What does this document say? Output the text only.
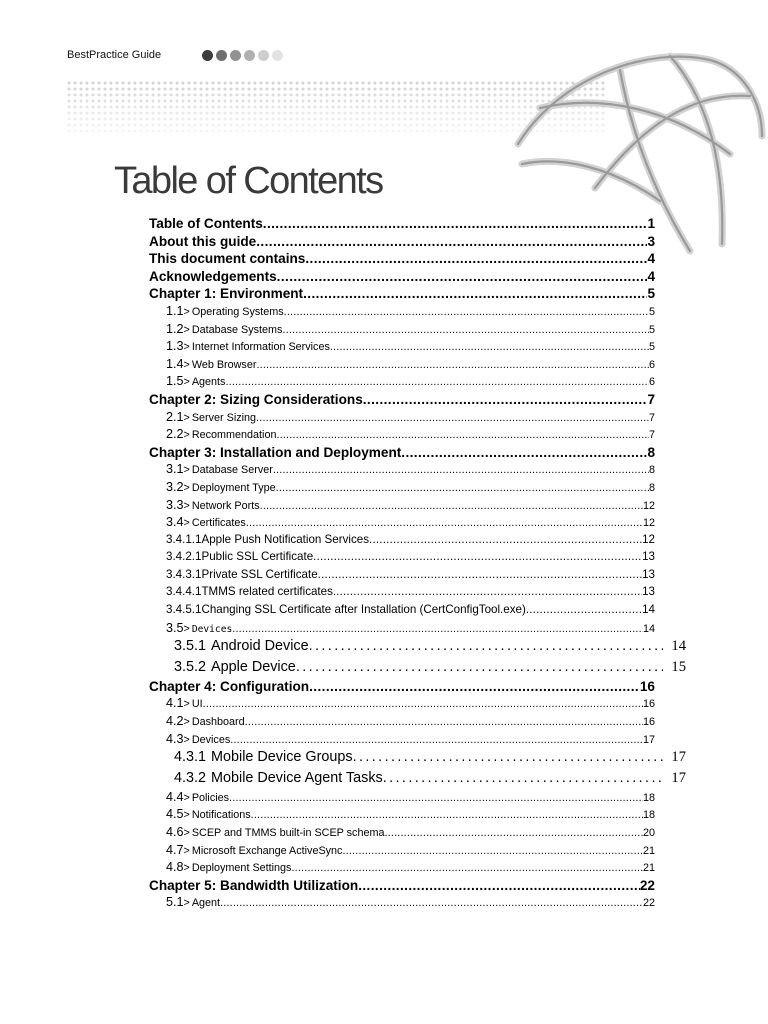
BestPractice Guide
Table of Contents
Table of Contents .....	1
About this guide .....	3
This document contains .....	4
Acknowledgements .....	4
Chapter 1: Environment .....	5
1.1 > Operating Systems .....	5
1.2 > Database Systems .....	5
1.3 > Internet Information Services .....	5
1.4 > Web Browser .....	6
1.5 > Agents .....	6
Chapter 2: Sizing Considerations .....	7
2.1 > Server Sizing .....	7
2.2 > Recommendation .....	7
Chapter 3: Installation and Deployment .....	8
3.1 > Database Server .....	8
3.2 > Deployment Type .....	8
3.3 > Network Ports .....	12
3.4 > Certificates .....	12
3.4.1.1 Apple Push Notification Services .....	12
3.4.2.1 Public SSL Certificate .....	13
3.4.3.1 Private SSL Certificate .....	13
3.4.4.1 TMMS related certificates. .....	13
3.4.5.1 Changing SSL Certificate after Installation (CertConfigTool.exe) .....	14
3.5 > Devices .....	14
3.5.1 Android Device .....	14
3.5.2 Apple Device .....	15
Chapter 4: Configuration .....	16
4.1 > UI .....	16
4.2 > Dashboard .....	16
4.3 > Devices .....	17
4.3.1 Mobile Device Groups .....	17
4.3.2 Mobile Device Agent Tasks .....	17
4.4 > Policies .....	18
4.5 > Notifications .....	18
4.6 > SCEP and TMMS built-in SCEP schema .....	20
4.7 > Microsoft Exchange ActiveSync .....	21
4.8 > Deployment Settings .....	21
Chapter 5: Bandwidth Utilization .....	22
5.1 > Agent .....	22
